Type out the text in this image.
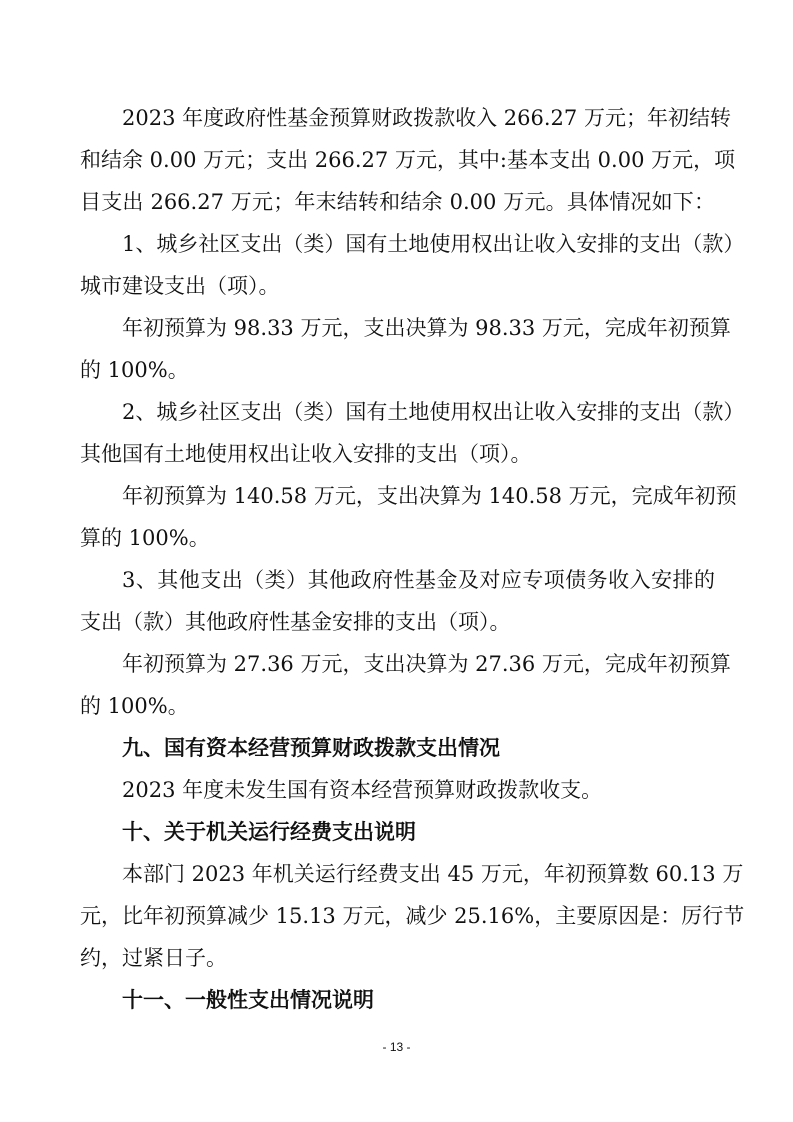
2023 年度政府性基金预算财政拨款收入 266.27 万元；年初结转
和结余 0.00 万元；支出 266.27 万元，其中:基本支出 0.00 万元，项
目支出 266.27 万元；年末结转和结余 0.00 万元。具体情况如下：
1、城乡社区支出（类）国有土地使用权出让收入安排的支出（款）
城市建设支出（项）。
年初预算为 98.33 万元，支出决算为 98.33 万元，完成年初预算
的 100%。
2、城乡社区支出（类）国有土地使用权出让收入安排的支出（款）
其他国有土地使用权出让收入安排的支出（项）。
年初预算为 140.58 万元，支出决算为 140.58 万元，完成年初预
算的 100%。
3、其他支出（类）其他政府性基金及对应专项债务收入安排的
支出（款）其他政府性基金安排的支出（项）。
年初预算为 27.36 万元，支出决算为 27.36 万元，完成年初预算
的 100%。
九、国有资本经营预算财政拨款支出情况
2023 年度未发生国有资本经营预算财政拨款收支。
十、关于机关运行经费支出说明
本部门 2023 年机关运行经费支出 45 万元，年初预算数 60.13 万
元，比年初预算减少 15.13 万元，减少 25.16%，主要原因是：厉行节
约，过紧日子。
十一、一般性支出情况说明
- 13 -
